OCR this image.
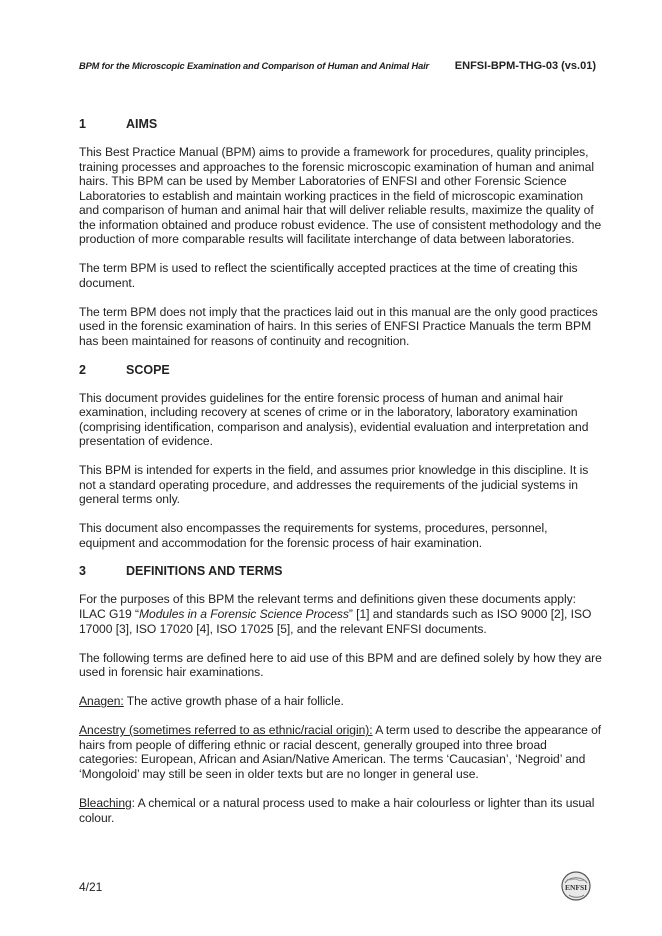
BPM for the Microscopic Examination and Comparison of Human and Animal Hair ENFSI-BPM-THG-03 (vs.01)
1	AIMS

This Best Practice Manual (BPM) aims to provide a framework for procedures, quality principles, training processes and approaches to the forensic microscopic examination of human and animal hairs. This BPM can be used by Member Laboratories of ENFSI and other Forensic Science Laboratories to establish and maintain working practices in the field of microscopic examination and comparison of human and animal hair that will deliver reliable results, maximize the quality of the information obtained and produce robust evidence. The use of consistent methodology and the production of more comparable results will facilitate interchange of data between laboratories.

The term BPM is used to reflect the scientifically accepted practices at the time of creating this document.

The term BPM does not imply that the practices laid out in this manual are the only good practices used in the forensic examination of hairs. In this series of ENFSI Practice Manuals the term BPM has been maintained for reasons of continuity and recognition.

2	SCOPE

This document provides guidelines for the entire forensic process of human and animal hair examination, including recovery at scenes of crime or in the laboratory, laboratory examination (comprising identification, comparison and analysis), evidential evaluation and interpretation and presentation of evidence.

This BPM is intended for experts in the field, and assumes prior knowledge in this discipline. It is not a standard operating procedure, and addresses the requirements of the judicial systems in general terms only.

This document also encompasses the requirements for systems, procedures, personnel, equipment and accommodation for the forensic process of hair examination.

3	DEFINITIONS AND TERMS

For the purposes of this BPM the relevant terms and definitions given these documents apply: ILAC G19 “Modules in a Forensic Science Process” [1] and standards such as ISO 9000 [2], ISO 17000 [3], ISO 17020 [4], ISO 17025 [5], and the relevant ENFSI documents.

The following terms are defined here to aid use of this BPM and are defined solely by how they are used in forensic hair examinations.

Anagen: The active growth phase of a hair follicle.

Ancestry (sometimes referred to as ethnic/racial origin): A term used to describe the appearance of hairs from people of differing ethnic or racial descent, generally grouped into three broad categories: European, African and Asian/Native American. The terms ‘Caucasian’, ‘Negroid’ and ‘Mongoloid’ may still be seen in older texts but are no longer in general use.

Bleaching: A chemical or a natural process used to make a hair colourless or lighter than its usual colour.

4/21	ENFSI
